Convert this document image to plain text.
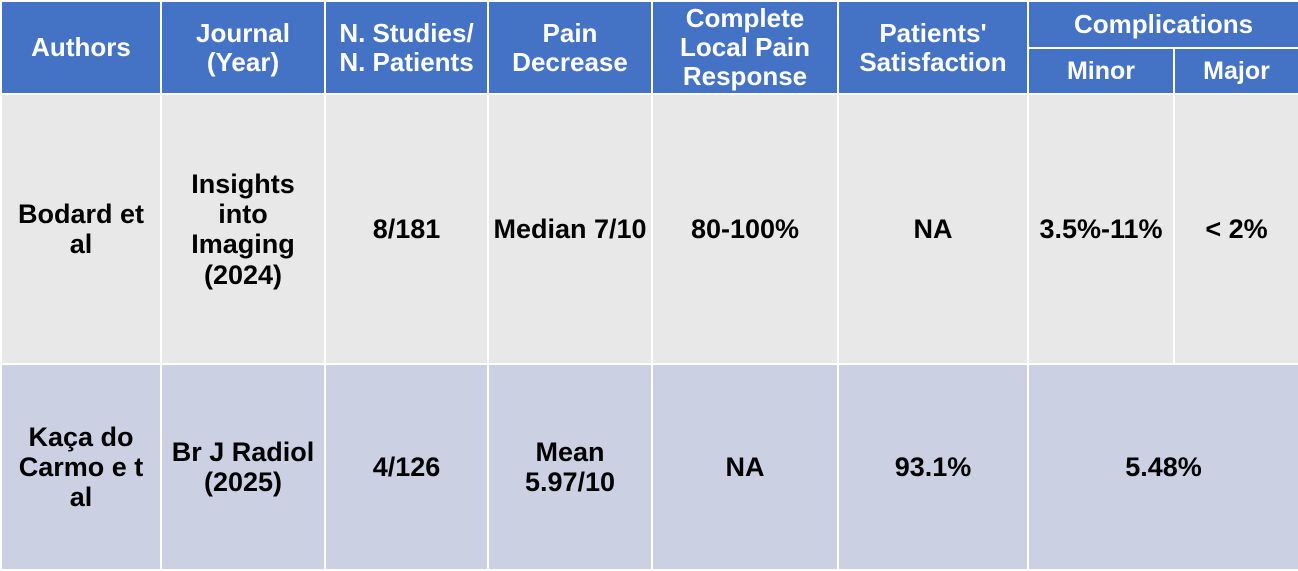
Authors	Journal (Year)	N. Studies/ N. Patients	Pain Decrease	Complete Local Pain Response	Patients' Satisfaction	Complications	
						Minor	Major
Bodard et al	Insights into Imaging (2024)	8/181	Median 7/10	80-100%	NA	3.5%-11%	< 2%
Kaça do Carmo e t al	Br J Radiol (2025)	4/126	Mean 5.97/10	NA	93.1%	5.48%	
